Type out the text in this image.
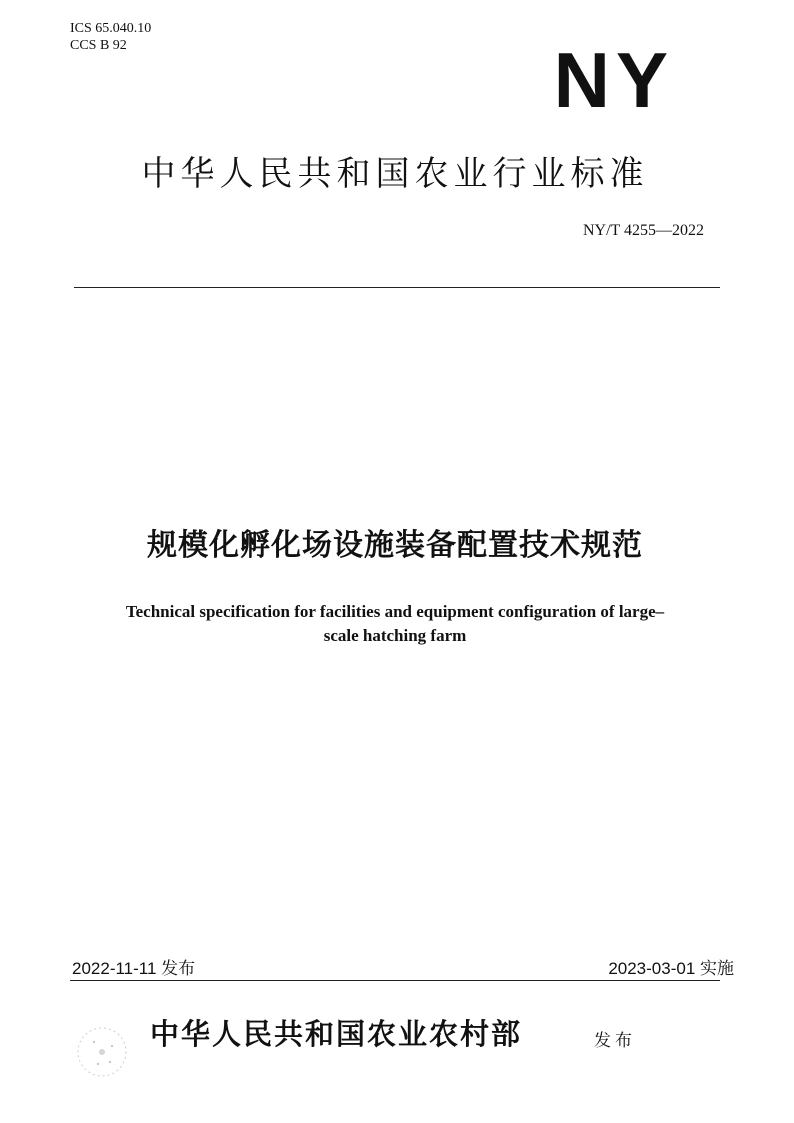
ICS 65.040.10
CCS B 92	NY
中华人民共和国农业行业标准
NY/T 4255—2022
规模化孵化场设施装备配置技术规范
Technical specification for facilities and equipment configuration of large–
scale hatching farm
2022-11-11 发布	2023-03-01 实施
中华人民共和国农业农村部	发布
